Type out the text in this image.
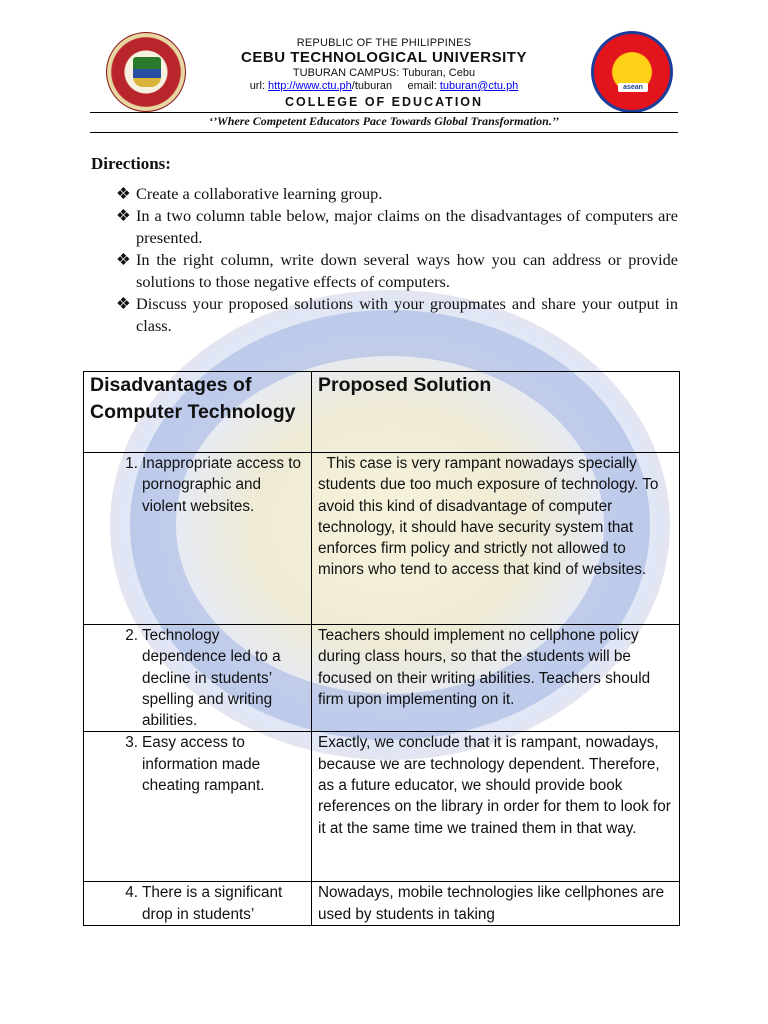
asean
REPUBLIC OF THE PHILIPPINES
CEBU TECHNOLOGICAL UNIVERSITY
TUBURAN CAMPUS: Tuburan, Cebu
url: http://www.ctu.ph/tuburan email: tuburan@ctu.ph
COLLEGE OF EDUCATION
‘’Where Competent Educators Pace Towards Global Transformation.’’
Directions:
❖ Create a collaborative learning group.
❖ In a two column table below, major claims on the disadvantages of computers are presented.
❖ In the right column, write down several ways how you can address or provide solutions to those negative effects of computers.
❖ Discuss your proposed solutions with your groupmates and share your output in class.
Disadvantages of Computer Technology	Proposed Solution

1. Inappropriate access to pornographic and violent websites.	This case is very rampant nowadays specially students due too much exposure of technology. To avoid this kind of disadvantage of computer technology, it should have security system that enforces firm policy and strictly not allowed to minors who tend to access that kind of websites.

2. Technology dependence led to a decline in students’ spelling and writing abilities.	Teachers should implement no cellphone policy during class hours, so that the students will be focused on their writing abilities. Teachers should firm upon implementing on it.

3. Easy access to information made cheating rampant.	Exactly, we conclude that it is rampant, nowadays, because we are technology dependent. Therefore, as a future educator, we should provide book references on the library in order for them to look for it at the same time we trained them in that way.

4. There is a significant drop in students’	Nowadays, mobile technologies like cellphones are used by students in taking
